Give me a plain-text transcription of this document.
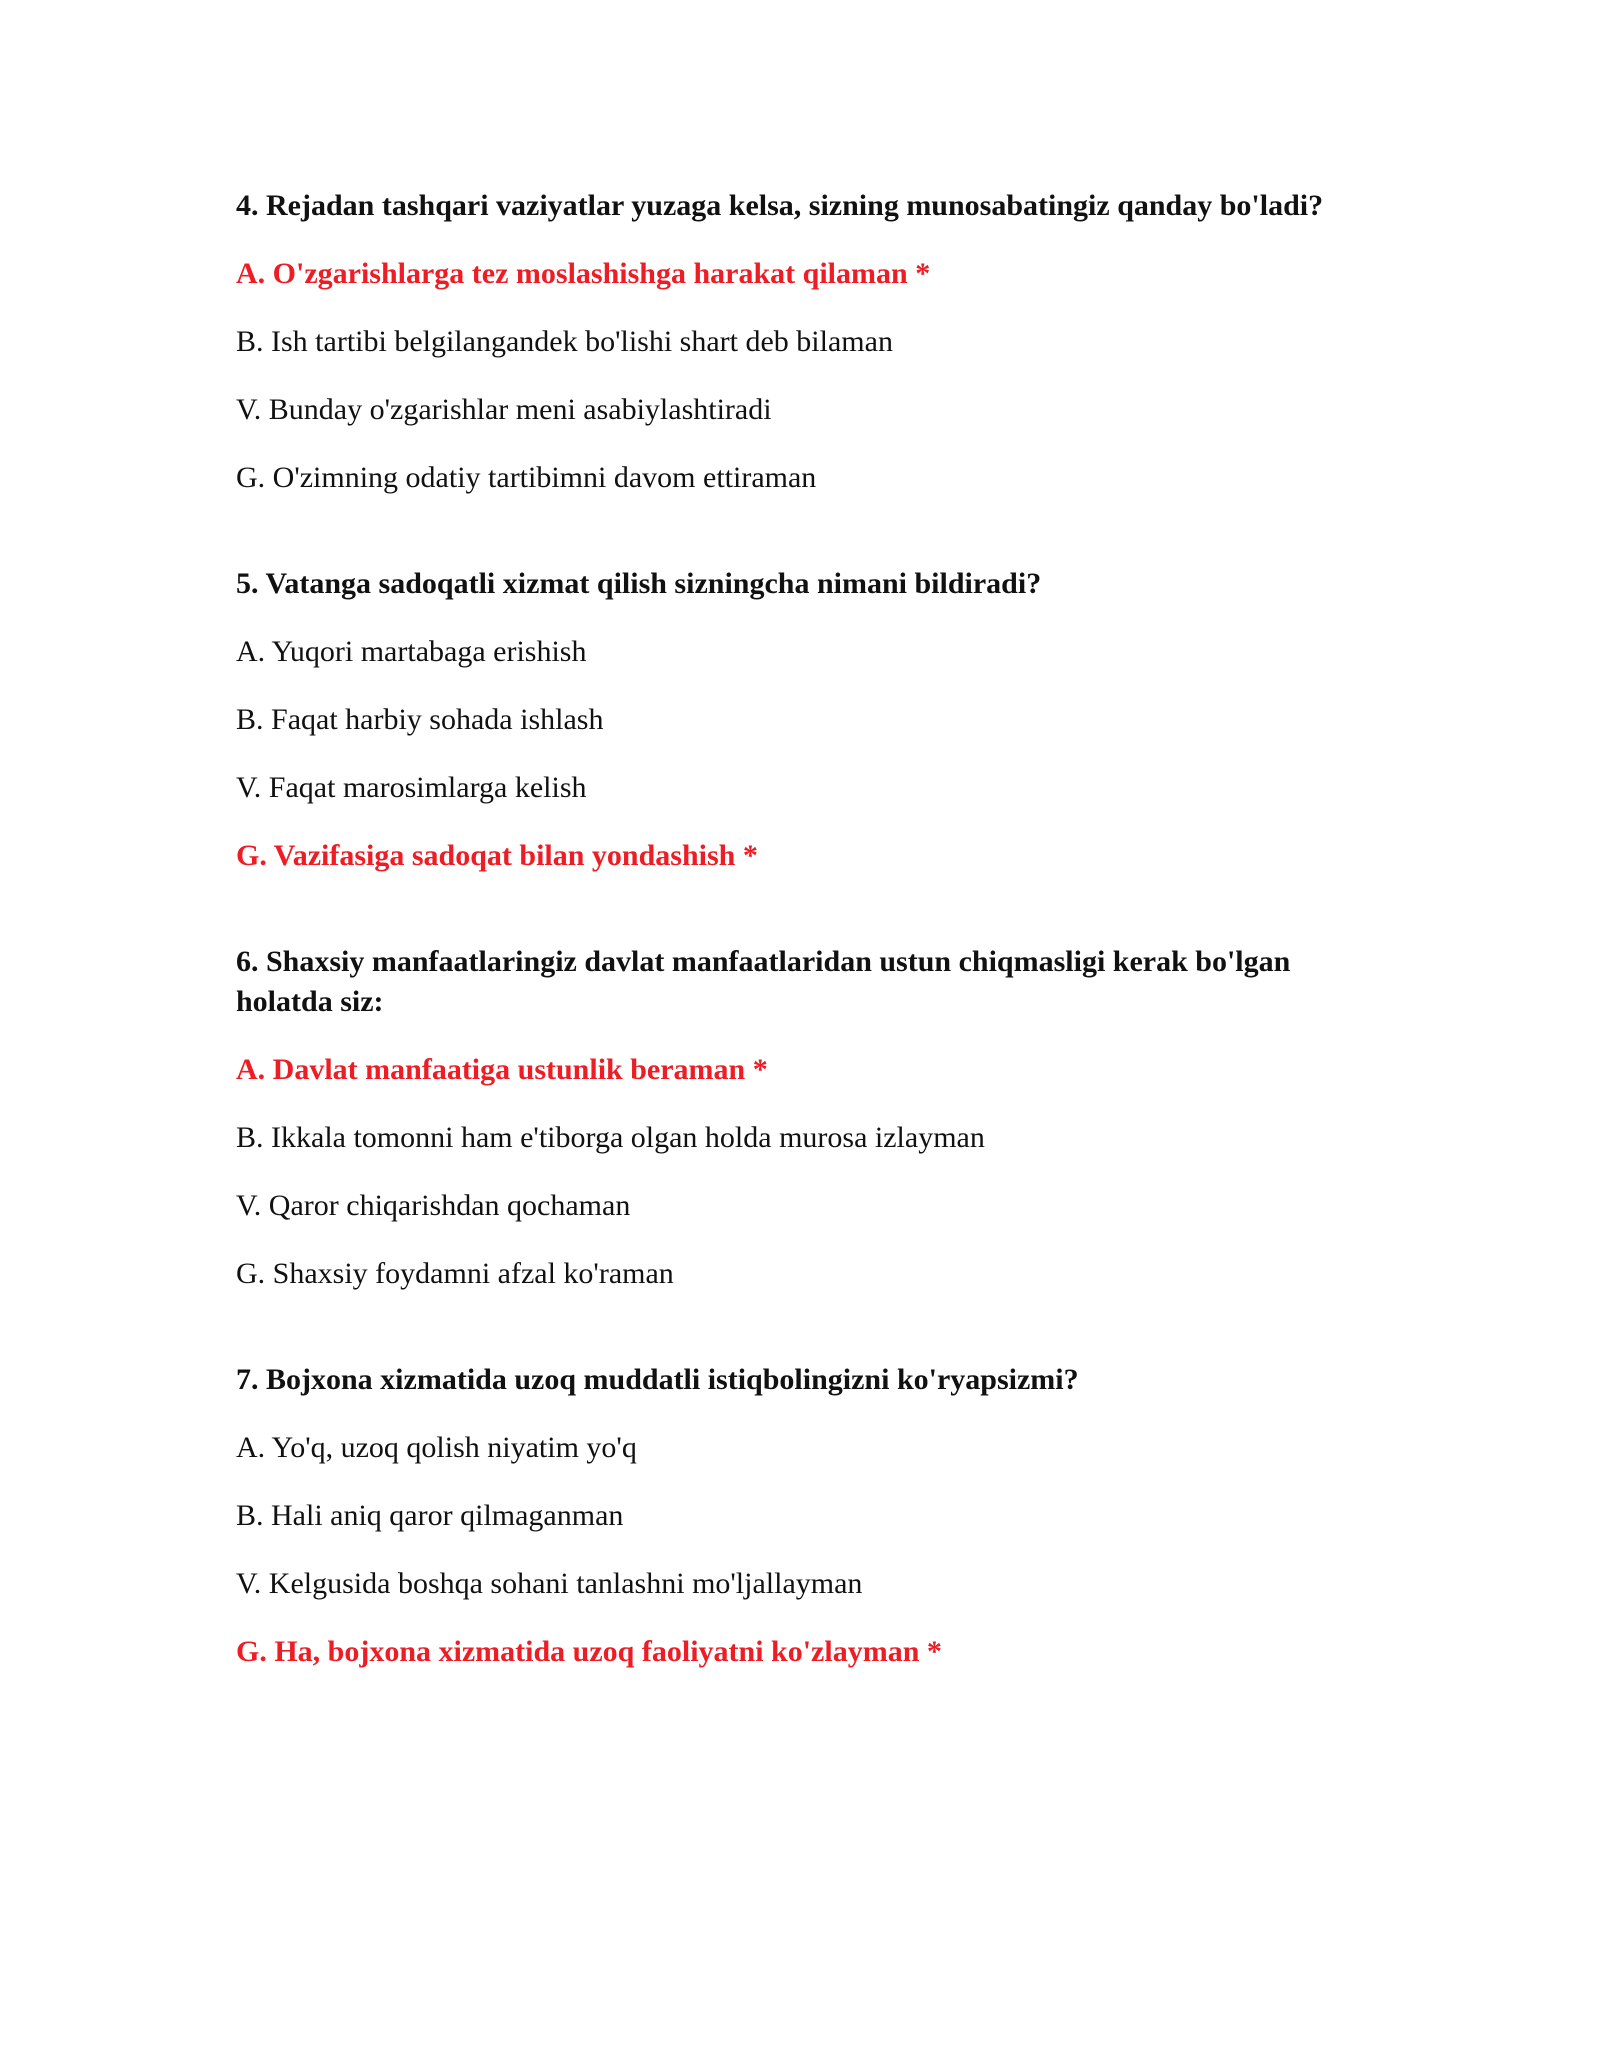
4. Rejadan tashqari vaziyatlar yuzaga kelsa, sizning munosabatingiz qanday bo'ladi?

A. O'zgarishlarga tez moslashishga harakat qilaman *

B. Ish tartibi belgilangandek bo'lishi shart deb bilaman

V. Bunday o'zgarishlar meni asabiylashtiradi

G. O'zimning odatiy tartibimni davom ettiraman

5. Vatanga sadoqatli xizmat qilish sizningcha nimani bildiradi?

A. Yuqori martabaga erishish

B. Faqat harbiy sohada ishlash

V. Faqat marosimlarga kelish

G. Vazifasiga sadoqat bilan yondashish *

6. Shaxsiy manfaatlaringiz davlat manfaatlaridan ustun chiqmasligi kerak bo'lgan holatda siz:

A. Davlat manfaatiga ustunlik beraman *

B. Ikkala tomonni ham e'tiborga olgan holda murosa izlayman

V. Qaror chiqarishdan qochaman

G. Shaxsiy foydamni afzal ko'raman

7. Bojxona xizmatida uzoq muddatli istiqbolingizni ko'ryapsizmi?

A. Yo'q, uzoq qolish niyatim yo'q

B. Hali aniq qaror qilmaganman

V. Kelgusida boshqa sohani tanlashni mo'ljallayman

G. Ha, bojxona xizmatida uzoq faoliyatni ko'zlayman *
